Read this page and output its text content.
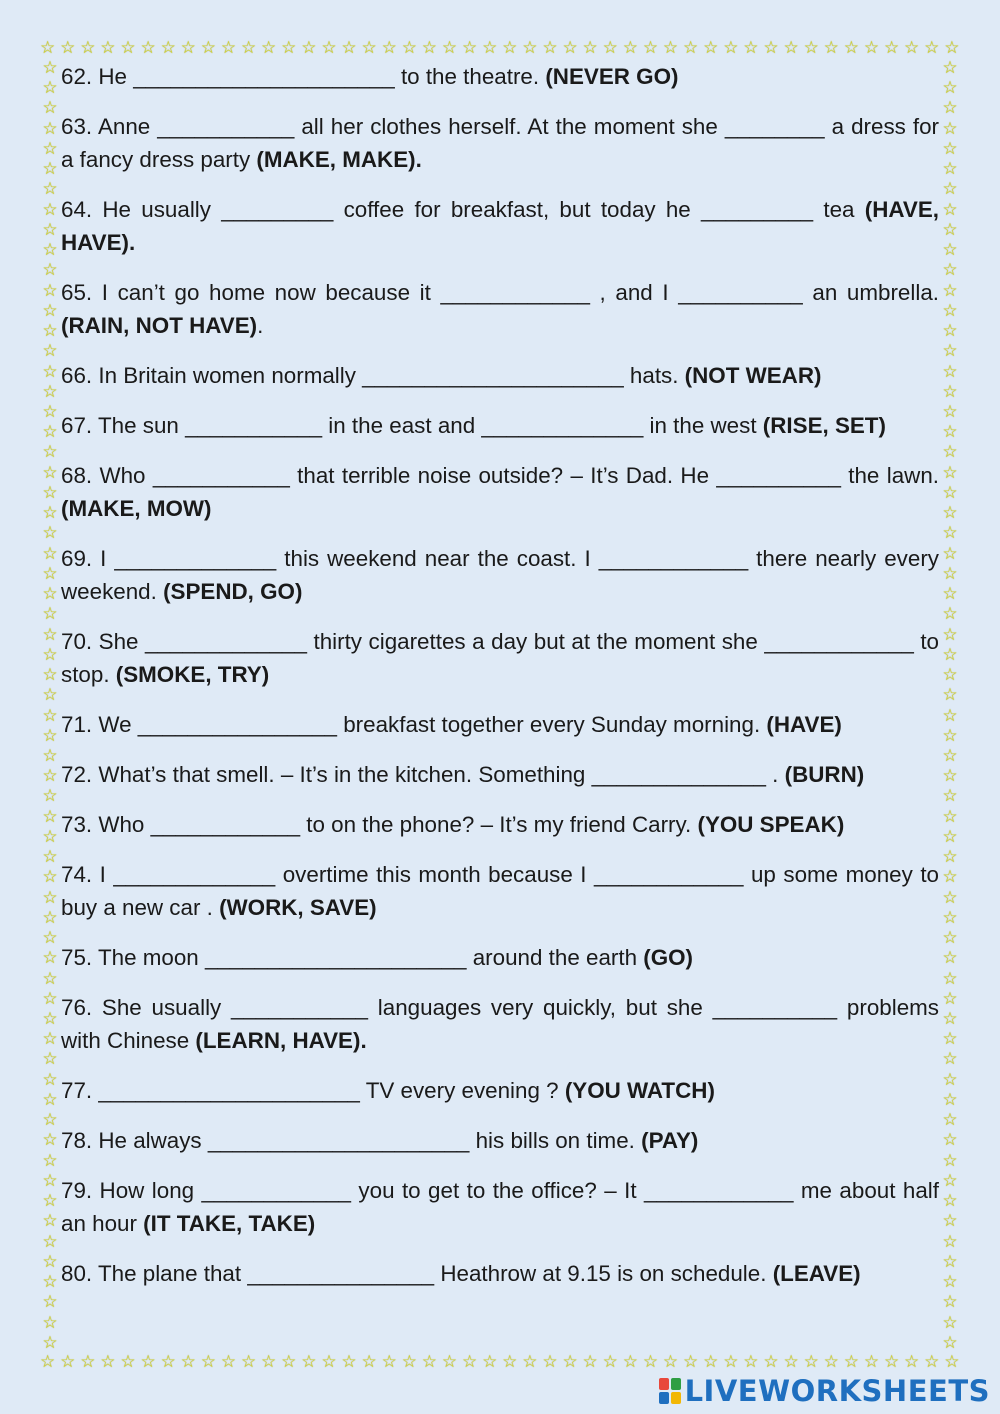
☆ ☆ ☆ ☆ ☆ ☆ ☆ ☆ ☆ ☆ ☆ ☆ ☆ ☆ ☆ ☆ ☆ ☆ ☆ ☆ ☆ ☆ ☆ ☆ ☆ ☆ ☆ ☆ ☆ ☆ ☆ ☆ ☆ ☆ ☆ ☆ ☆ ☆ ☆ ☆ ☆ ☆ ☆ ☆ ☆ ☆
☆
☆
☆
☆
☆
☆
☆
☆
☆
☆
☆
☆
☆
☆
☆
☆
☆
☆
☆
☆
☆
☆
☆
☆
☆
☆
☆
☆
☆
☆
☆
☆
☆
☆
☆
☆
☆
☆
☆
☆
☆
☆
☆
☆
☆
☆
☆
☆
☆
☆
☆
☆
☆
☆
☆
☆
☆
☆
☆
☆
☆
☆
☆
☆
☆
☆
☆
☆
☆
☆
☆
☆
☆
☆
☆
☆
☆
☆
☆
☆
☆
☆
☆
☆
☆
☆
☆
☆
☆
☆
☆
☆
☆
☆
☆
☆
☆
☆
☆
☆
☆
☆
☆
☆
☆
☆
☆
☆
☆
☆
☆
☆
☆
☆
☆
☆
☆
☆
☆
☆
☆
☆
☆
☆
☆
☆
☆
☆
☆ ☆ ☆ ☆ ☆ ☆ ☆ ☆ ☆ ☆ ☆ ☆ ☆ ☆ ☆ ☆ ☆ ☆ ☆ ☆ ☆ ☆ ☆ ☆ ☆ ☆ ☆ ☆ ☆ ☆ ☆ ☆ ☆ ☆ ☆ ☆ ☆ ☆ ☆ ☆ ☆ ☆ ☆ ☆ ☆ ☆
62. He _____________________ to the theatre. (NEVER GO)
63. Anne ___________ all her clothes herself. At the moment she ________ a dress for a fancy dress party (MAKE, MAKE).
64. He usually _________ coffee for breakfast, but today he _________ tea (HAVE, HAVE).
65. I can’t go home now because it ____________ , and I __________ an umbrella. (RAIN, NOT HAVE).
66. In Britain women normally _____________________ hats. (NOT WEAR)
67. The sun ___________ in the east and _____________ in the west (RISE, SET)
68. Who ___________ that terrible noise outside? – It’s Dad. He __________ the lawn. (MAKE, MOW)
69. I _____________ this weekend near the coast. I ____________ there nearly every weekend. (SPEND, GO)
70. She _____________ thirty cigarettes a day but at the moment she ____________ to stop. (SMOKE, TRY)
71. We ________________ breakfast together every Sunday morning. (HAVE)
72. What’s that smell. – It’s in the kitchen. Something ______________ . (BURN)
73. Who ____________ to on the phone? – It’s my friend Carry. (YOU SPEAK)
74. I _____________ overtime this month because I ____________ up some money to buy a new car . (WORK, SAVE)
75. The moon _____________________ around the earth (GO)
76. She usually ___________ languages very quickly, but she __________ problems with Chinese (LEARN, HAVE).
77. _____________________ TV every evening ? (YOU WATCH)
78. He always _____________________ his bills on time. (PAY)
79. How long ____________ you to get to the office? – It ____________ me about half an hour (IT TAKE, TAKE)
80. The plane that _______________ Heathrow at 9.15 is on schedule. (LEAVE)
LIVEWORKSHEETS
